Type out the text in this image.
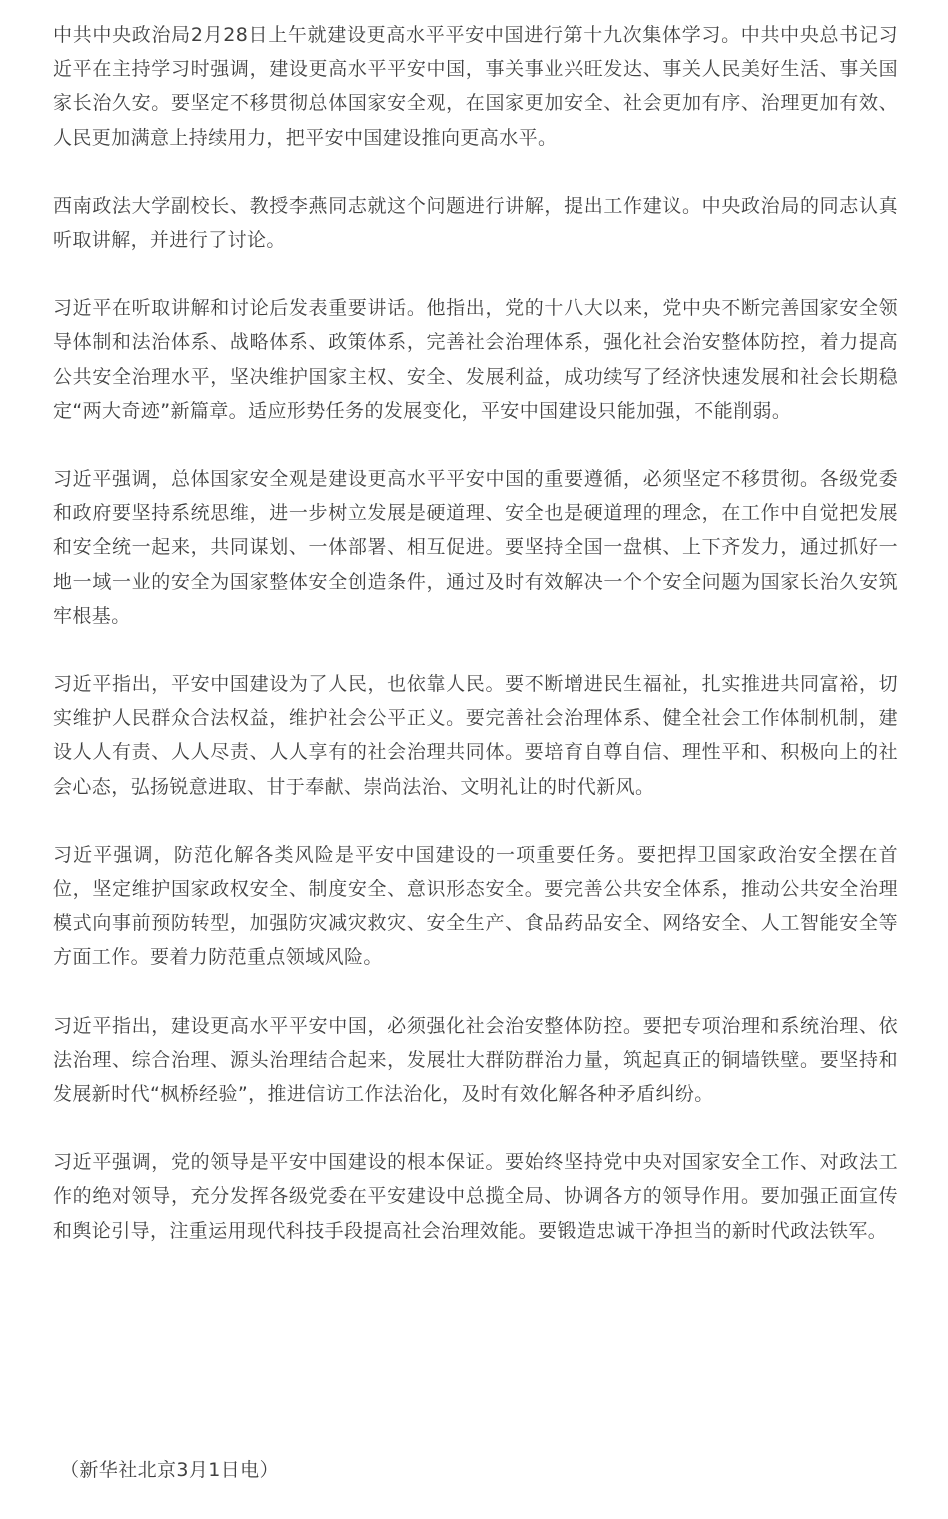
中共中央政治局2月28日上午就建设更高水平平安中国进行第十九次集体学习。中共中央总书记习近平在主持学习时强调，建设更高水平平安中国，事关事业兴旺发达、事关人民美好生活、事关国家长治久安。要坚定不移贯彻总体国家安全观，在国家更加安全、社会更加有序、治理更加有效、人民更加满意上持续用力，把平安中国建设推向更高水平。

西南政法大学副校长、教授李燕同志就这个问题进行讲解，提出工作建议。中央政治局的同志认真听取讲解，并进行了讨论。

习近平在听取讲解和讨论后发表重要讲话。他指出，党的十八大以来，党中央不断完善国家安全领导体制和法治体系、战略体系、政策体系，完善社会治理体系，强化社会治安整体防控，着力提高公共安全治理水平，坚决维护国家主权、安全、发展利益，成功续写了经济快速发展和社会长期稳定“两大奇迹”新篇章。适应形势任务的发展变化，平安中国建设只能加强，不能削弱。

习近平强调，总体国家安全观是建设更高水平平安中国的重要遵循，必须坚定不移贯彻。各级党委和政府要坚持系统思维，进一步树立发展是硬道理、安全也是硬道理的理念，在工作中自觉把发展和安全统一起来，共同谋划、一体部署、相互促进。要坚持全国一盘棋、上下齐发力，通过抓好一地一域一业的安全为国家整体安全创造条件，通过及时有效解决一个个安全问题为国家长治久安筑牢根基。

习近平指出，平安中国建设为了人民，也依靠人民。要不断增进民生福祉，扎实推进共同富裕，切实维护人民群众合法权益，维护社会公平正义。要完善社会治理体系、健全社会工作体制机制，建设人人有责、人人尽责、人人享有的社会治理共同体。要培育自尊自信、理性平和、积极向上的社会心态，弘扬锐意进取、甘于奉献、崇尚法治、文明礼让的时代新风。

习近平强调，防范化解各类风险是平安中国建设的一项重要任务。要把捍卫国家政治安全摆在首位，坚定维护国家政权安全、制度安全、意识形态安全。要完善公共安全体系，推动公共安全治理模式向事前预防转型，加强防灾减灾救灾、安全生产、食品药品安全、网络安全、人工智能安全等方面工作。要着力防范重点领域风险。

习近平指出，建设更高水平平安中国，必须强化社会治安整体防控。要把专项治理和系统治理、依法治理、综合治理、源头治理结合起来，发展壮大群防群治力量，筑起真正的铜墙铁壁。要坚持和发展新时代“枫桥经验”，推进信访工作法治化，及时有效化解各种矛盾纠纷。

习近平强调，党的领导是平安中国建设的根本保证。要始终坚持党中央对国家安全工作、对政法工作的绝对领导，充分发挥各级党委在平安建设中总揽全局、协调各方的领导作用。要加强正面宣传和舆论引导，注重运用现代科技手段提高社会治理效能。要锻造忠诚干净担当的新时代政法铁军。

（新华社北京3月1日电）
